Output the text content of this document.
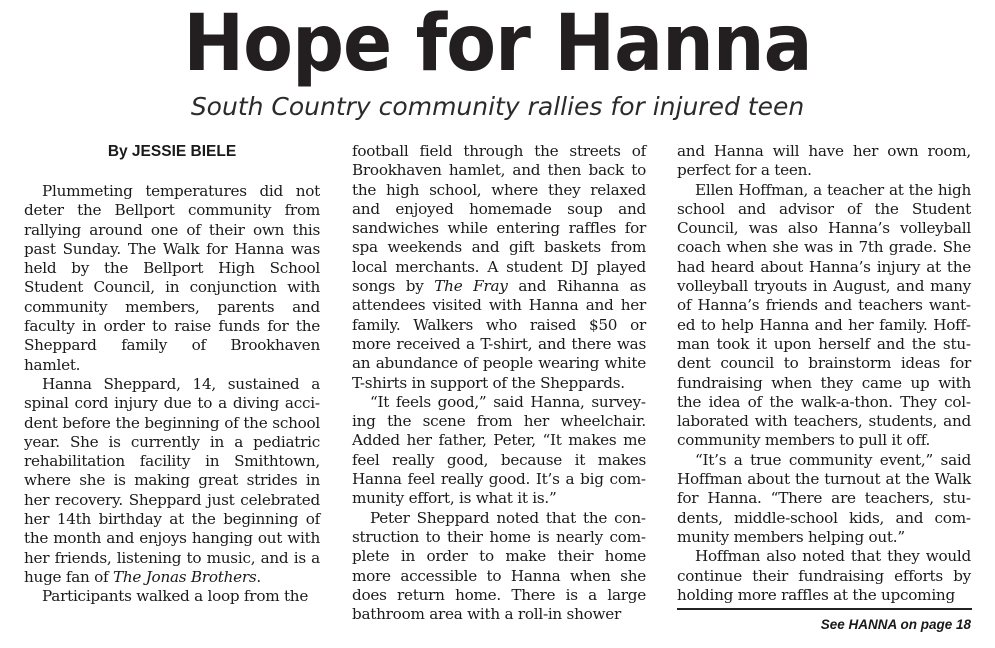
Hope for Hanna
South Country community rallies for injured teen
By JESSIE BIELE

Plummeting temperatures did not deter the Bellport community from rallying around one of their own this past Sunday. The Walk for Hanna was held by the Bellport High School Student Council, in conjunction with community members, parents and faculty in order to raise funds for the Sheppard family of Brookhaven hamlet.

Hanna Sheppard, 14, sustained a spinal cord injury due to a diving accident before the beginning of the school year. She is currently in a pediatric rehabilitation facility in Smithtown, where she is making great strides in her recovery. Sheppard just celebrated her 14th birthday at the beginning of the month and enjoys hanging out with her friends, listening to music, and is a huge fan of The Jonas Brothers.

Participants walked a loop from the

football field through the streets of Brookhaven hamlet, and then back to the high school, where they relaxed and enjoyed homemade soup and sandwiches while entering raffles for spa weekends and gift baskets from local merchants. A student DJ played songs by The Fray and Rihanna as attendees visited with Hanna and her family. Walkers who raised $50 or more received a T-shirt, and there was an abundance of people wearing white T-shirts in support of the Sheppards.

“It feels good,” said Hanna, surveying the scene from her wheelchair. Added her father, Peter, “It makes me feel really good, because it makes Hanna feel really good. It’s a big community effort, is what it is.”

Peter Sheppard noted that the construction to their home is nearly complete in order to make their home more accessible to Hanna when she does return home. There is a large bathroom area with a roll-in shower

and Hanna will have her own room, perfect for a teen.

Ellen Hoffman, a teacher at the high school and advisor of the Student Council, was also Hanna’s volleyball coach when she was in 7th grade. She had heard about Hanna’s injury at the volleyball tryouts in August, and many of Hanna’s friends and teachers wanted to help Hanna and her family. Hoffman took it upon herself and the student council to brainstorm ideas for fundraising when they came up with the idea of the walk-a-thon. They collaborated with teachers, students, and community members to pull it off.

“It’s a true community event,” said Hoffman about the turnout at the Walk for Hanna. “There are teachers, students, middle-school kids, and community members helping out.”

Hoffman also noted that they would continue their fundraising efforts by holding more raffles at the upcoming

See HANNA on page 18
